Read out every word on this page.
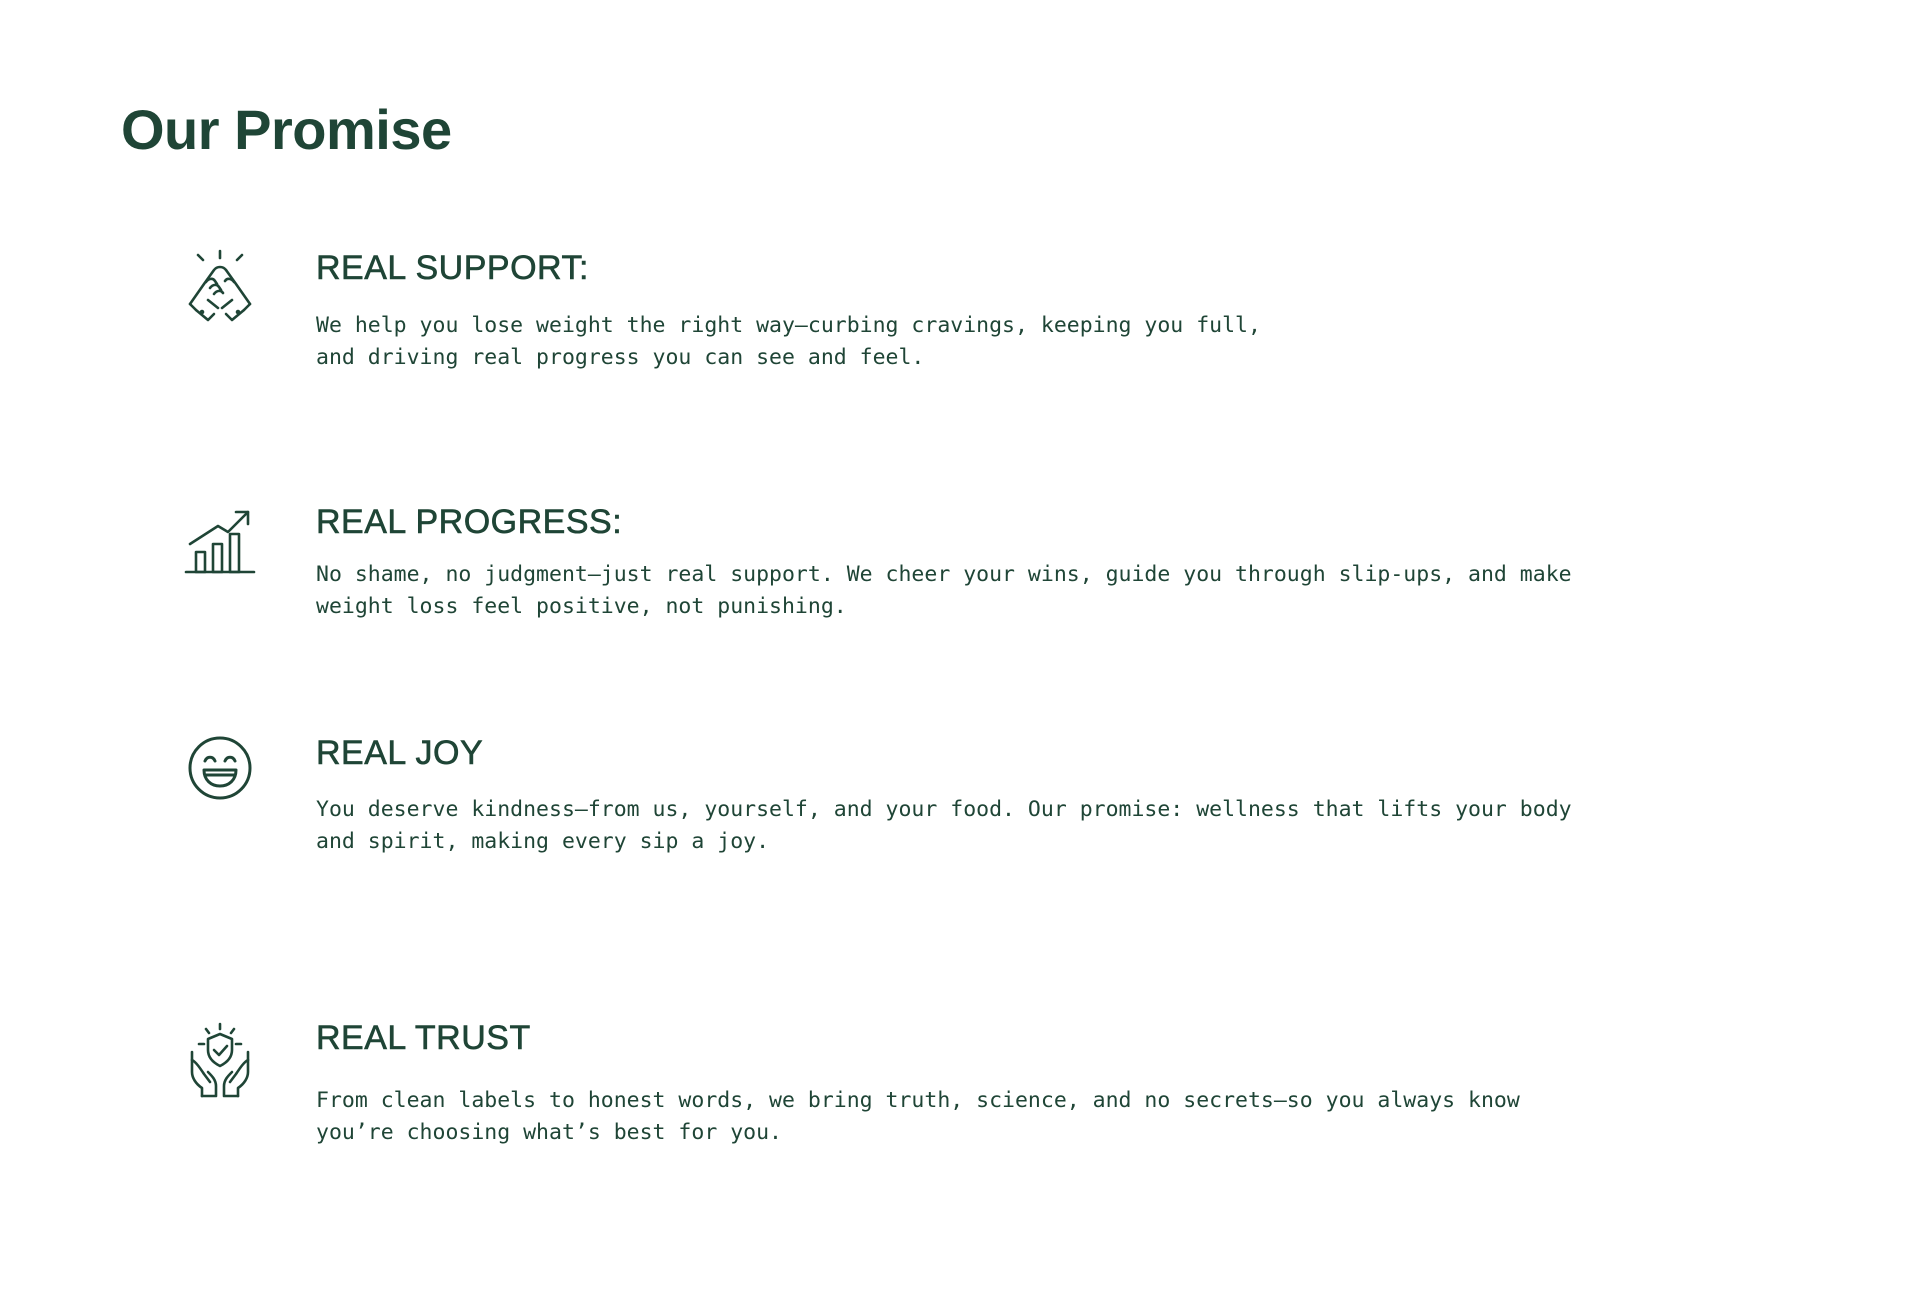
Our Promise
REAL SUPPORT:

We help you lose weight the right way—curbing cravings, keeping you full,
and driving real progress you can see and feel.

REAL PROGRESS:

No shame, no judgment—just real support. We cheer your wins, guide you through slip-ups, and make
weight loss feel positive, not punishing.

REAL JOY

You deserve kindness—from us, yourself, and your food. Our promise: wellness that lifts your body
and spirit, making every sip a joy.

REAL TRUST

From clean labels to honest words, we bring truth, science, and no secrets—so you always know
you’re choosing what’s best for you.
